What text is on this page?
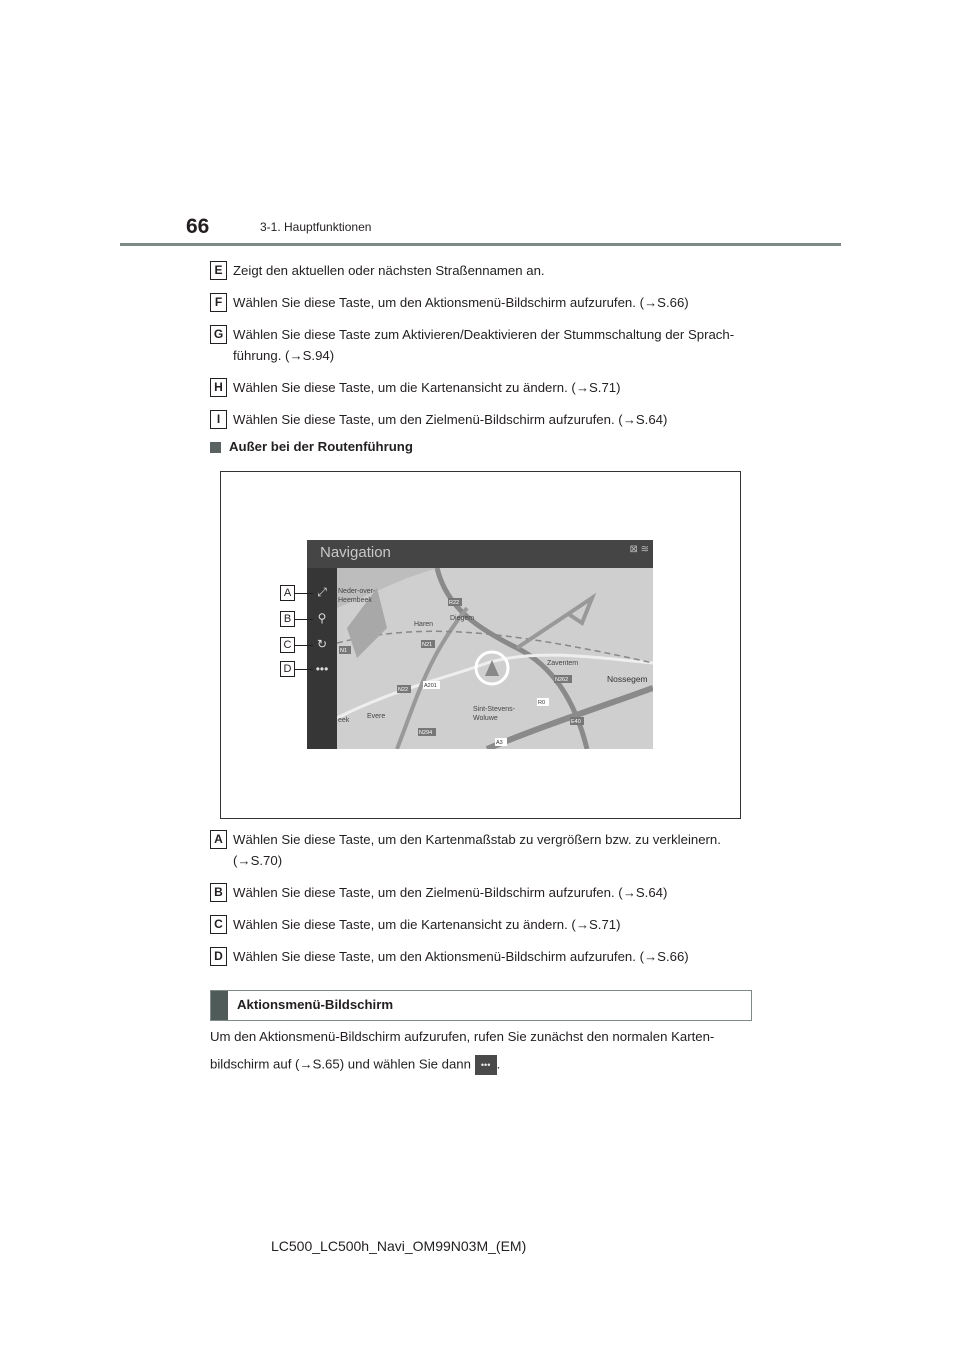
66	3-1. Hauptfunktionen
E Zeigt den aktuellen oder nächsten Straßennamen an.
F Wählen Sie diese Taste, um den Aktionsmenü-Bildschirm aufzurufen. (→S.66)
G Wählen Sie diese Taste zum Aktivieren/Deaktivieren der Stummschaltung der Sprach-führung. (→S.94)
H Wählen Sie diese Taste, um die Kartenansicht zu ändern. (→S.71)
I Wählen Sie diese Taste, um den Zielmenü-Bildschirm aufzurufen. (→S.64)
Außer bei der Routenführung
Navigation	⊠ ≋
⤢
⚲
↻
•••
Neder-over-
Heembeek
Haren
Diegem
Zaventem
Nossegem
Sint-Stevens-
Woluwe
Evere
eek
R22
N21
N1
N22
A201
N262
R0
E40
N294
A3
A
B
C
D
A Wählen Sie diese Taste, um den Kartenmaßstab zu vergrößern bzw. zu verkleinern. (→S.70)
B Wählen Sie diese Taste, um den Zielmenü-Bildschirm aufzurufen. (→S.64)
C Wählen Sie diese Taste, um die Kartenansicht zu ändern. (→S.71)
D Wählen Sie diese Taste, um den Aktionsmenü-Bildschirm aufzurufen. (→S.66)
Aktionsmenü-Bildschirm
Um den Aktionsmenü-Bildschirm aufzurufen, rufen Sie zunächst den normalen Karten-
bildschirm auf (→S.65) und wählen Sie dann ••• .
LC500_LC500h_Navi_OM99N03M_(EM)
